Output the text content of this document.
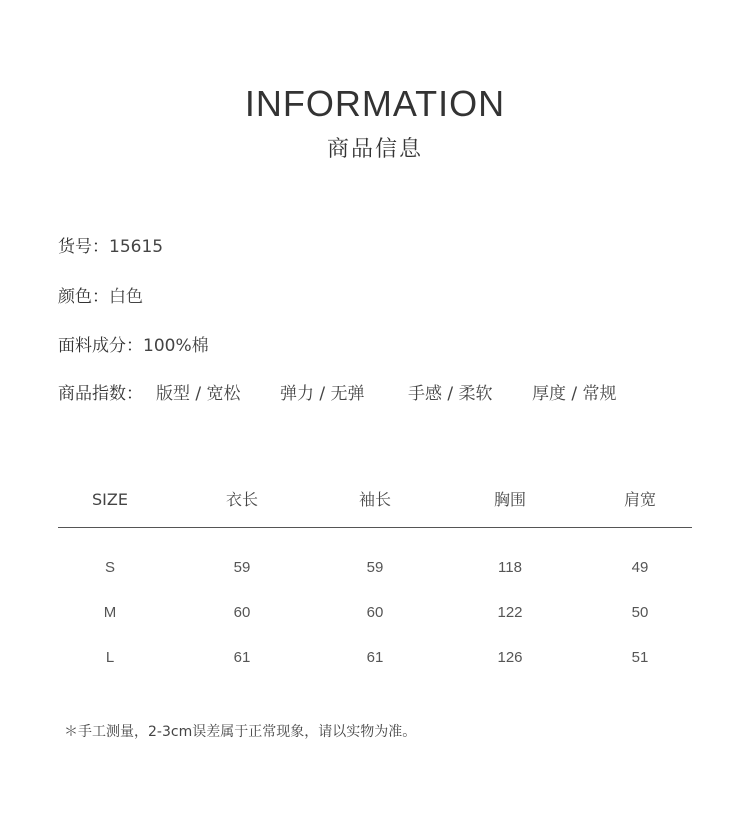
INFORMATION
商品信息
货号：15615
颜色：白色
面料成分：100%棉
商品指数： 版型 / 宽松 弹力 / 无弹	手感 / 柔软 厚度 / 常规
SIZE	衣长	袖长	胸围	肩宽
S	59	59	118	49
M	60	60	122	50
L	61	61	126	51
＊手工测量，2-3cm误差属于正常现象，请以实物为准。
